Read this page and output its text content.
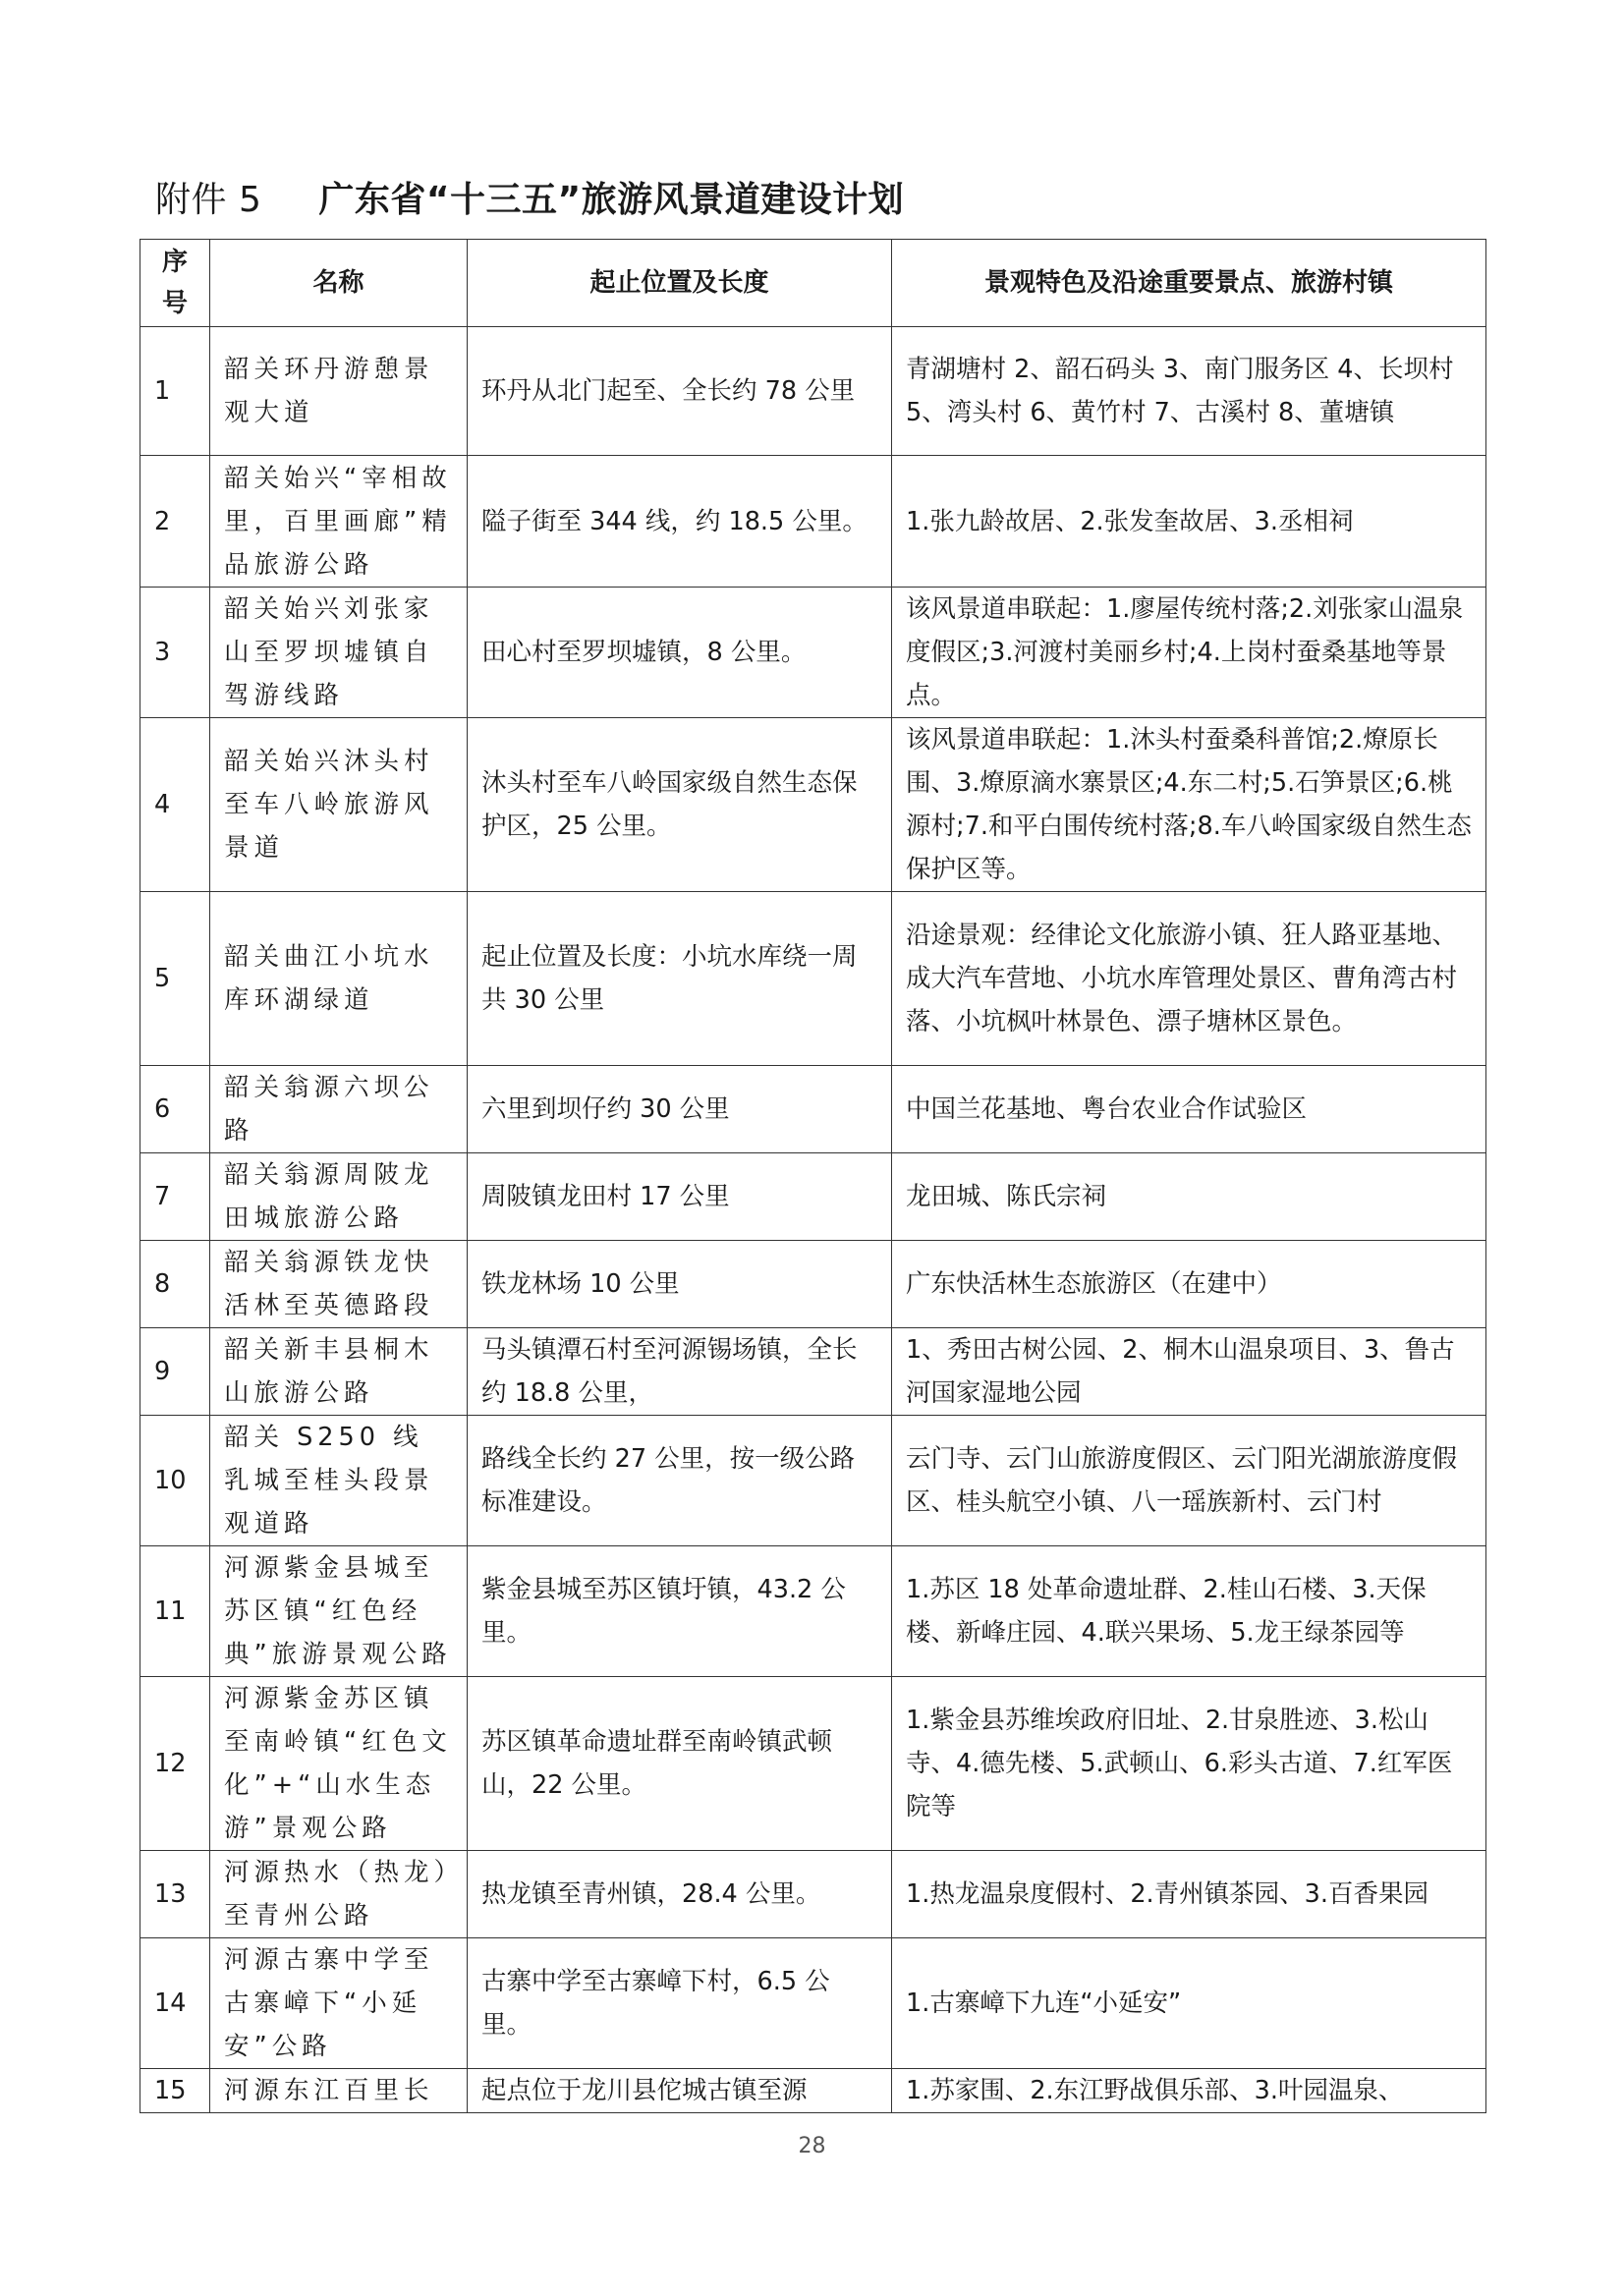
附件 5 广东省“十三五”旅游风景道建设计划
序
号	名称	起止位置及长度	景观特色及沿途重要景点、旅游村镇
1	韶关环丹游憩景观大道	环丹从北门起至、全长约 78 公里	青湖塘村 2、韶石码头 3、南门服务区 4、长坝村 5、湾头村 6、黄竹村 7、古溪村 8、董塘镇
2	韶关始兴“宰相故里，百里画廊”精品旅游公路	隘子街至 344 线，约 18.5 公里。	1.张九龄故居、2.张发奎故居、3.丞相祠
3	韶关始兴刘张家山至罗坝墟镇自驾游线路	田心村至罗坝墟镇，8 公里。	该风景道串联起：1.廖屋传统村落;2.刘张家山温泉度假区;3.河渡村美丽乡村;4.上岗村蚕桑基地等景点。
4	韶关始兴沐头村至车八岭旅游风景道	沐头村至车八岭国家级自然生态保护区，25 公里。	该风景道串联起：1.沐头村蚕桑科普馆;2.燎原长围、3.燎原滴水寨景区;4.东二村;5.石笋景区;6.桃源村;7.和平白围传统村落;8.车八岭国家级自然生态保护区等。
5	韶关曲江小坑水库环湖绿道	起止位置及长度：小坑水库绕一周共 30 公里	沿途景观：经律论文化旅游小镇、狂人路亚基地、成大汽车营地、小坑水库管理处景区、曹角湾古村落、小坑枫叶林景色、漂子塘林区景色。
6	韶关翁源六坝公路	六里到坝仔约 30 公里	中国兰花基地、粤台农业合作试验区
7	韶关翁源周陂龙田城旅游公路	周陂镇龙田村 17 公里	龙田城、陈氏宗祠
8	韶关翁源铁龙快活林至英德路段	铁龙林场 10 公里	广东快活林生态旅游区（在建中）
9	韶关新丰县桐木山旅游公路	马头镇潭石村至河源锡场镇，全长约 18.8 公里，	1、秀田古树公园、2、桐木山温泉项目、3、鲁古河国家湿地公园
10	韶关 S250 线乳城至桂头段景观道路	路线全长约 27 公里，按一级公路标准建设。	云门寺、云门山旅游度假区、云门阳光湖旅游度假区、桂头航空小镇、八一瑶族新村、云门村
11	河源紫金县城至苏区镇“红色经典”旅游景观公路	紫金县城至苏区镇圩镇，43.2 公里。	1.苏区 18 处革命遗址群、2.桂山石楼、3.天保楼、新峰庄园、4.联兴果场、5.龙王绿茶园等
12	河源紫金苏区镇至南岭镇“红色文化”+“山水生态游”景观公路	苏区镇革命遗址群至南岭镇武顿山，22 公里。	1.紫金县苏维埃政府旧址、2.甘泉胜迹、3.松山寺、4.德先楼、5.武顿山、6.彩头古道、7.红军医院等
13	河源热水（热龙）至青州公路	热龙镇至青州镇，28.4 公里。	1.热龙温泉度假村、2.青州镇茶园、3.百香果园
14	河源古寨中学至古寨嶂下“小延安”公路	古寨中学至古寨嶂下村，6.5 公里。	1.古寨嶂下九连“小延安”
15	河源东江百里长	起点位于龙川县佗城古镇至源	1.苏家围、2.东江野战俱乐部、3.叶园温泉、
28
